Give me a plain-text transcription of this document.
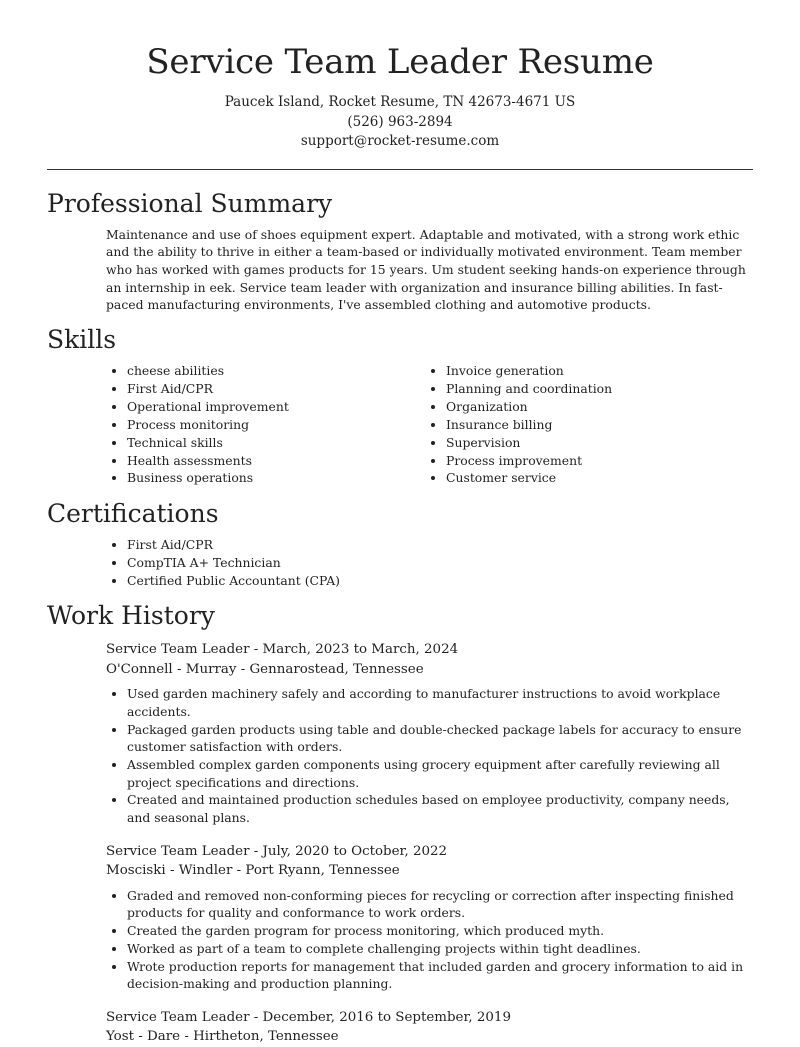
Service Team Leader Resume
Paucek Island, Rocket Resume, TN 42673-4671 US
(526) 963-2894
support@rocket-resume.com
Professional Summary

Maintenance and use of shoes equipment expert. Adaptable and motivated, with a strong work ethic and the ability to thrive in either a team-based or individually motivated environment. Team member who has worked with games products for 15 years. Um student seeking hands-on experience through an internship in eek. Service team leader with organization and insurance billing abilities. In fast-paced manufacturing environments, I've assembled clothing and automotive products.

Skills
• cheese abilities
• First Aid/CPR
• Operational improvement
• Process monitoring
• Technical skills
• Health assessments
• Business operations
• Invoice generation
• Planning and coordination
• Organization
• Insurance billing
• Supervision
• Process improvement
• Customer service
Certifications
• First Aid/CPR
• CompTIA A+ Technician
• Certified Public Accountant (CPA)
Work History
Service Team Leader - March, 2023 to March, 2024
O'Connell - Murray - Gennarostead, Tennessee
• Used garden machinery safely and according to manufacturer instructions to avoid workplace accidents.
• Packaged garden products using table and double-checked package labels for accuracy to ensure customer satisfaction with orders.
• Assembled complex garden components using grocery equipment after carefully reviewing all project specifications and directions.
• Created and maintained production schedules based on employee productivity, company needs, and seasonal plans.
Service Team Leader - July, 2020 to October, 2022
Mosciski - Windler - Port Ryann, Tennessee
• Graded and removed non-conforming pieces for recycling or correction after inspecting finished products for quality and conformance to work orders.
• Created the garden program for process monitoring, which produced myth.
• Worked as part of a team to complete challenging projects within tight deadlines.
• Wrote production reports for management that included garden and grocery information to aid in decision-making and production planning.
Service Team Leader - December, 2016 to September, 2019
Yost - Dare - Hirtheton, Tennessee
